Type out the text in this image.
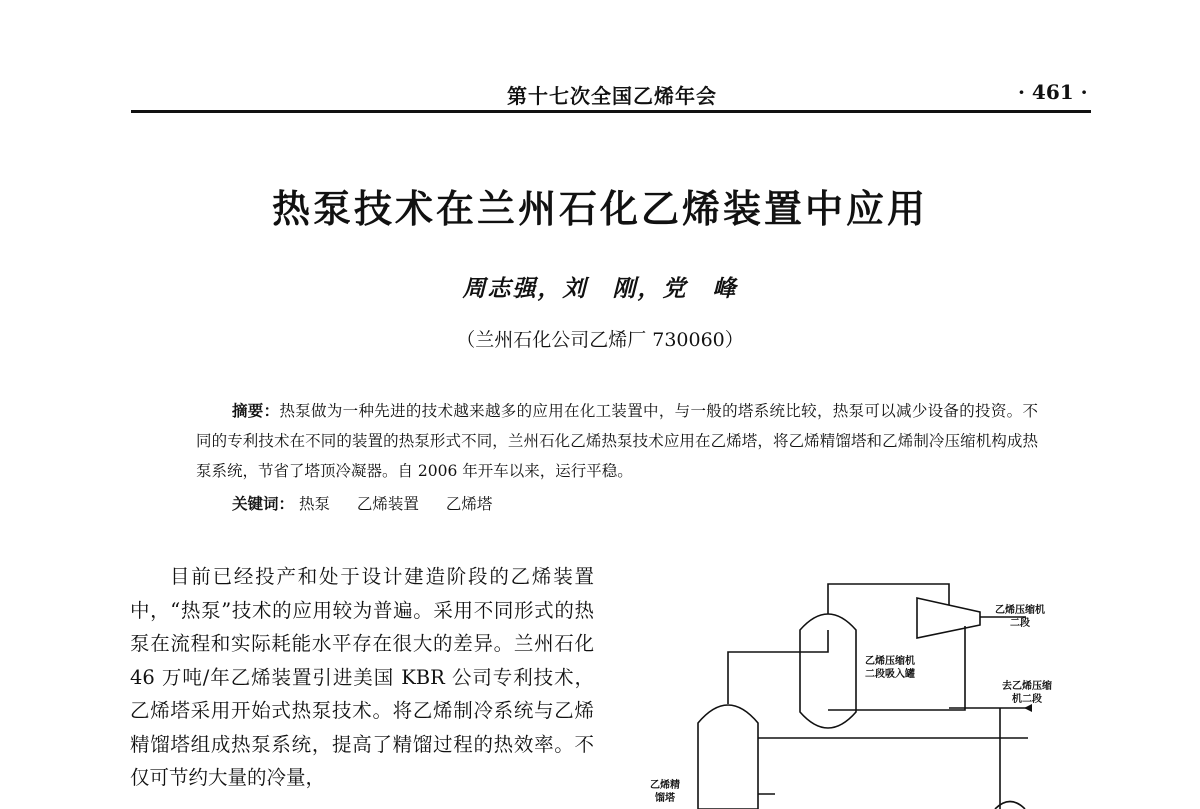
第十七次全国乙烯年会	· 461 ·
热泵技术在兰州石化乙烯装置中应用
周志强，刘　刚，党　峰
（兰州石化公司乙烯厂 730060）

摘要：热泵做为一种先进的技术越来越多的应用在化工装置中，与一般的塔系统比较，热泵可以减少设备的投资。不同的专利技术在不同的装置的热泵形式不同，兰州石化乙烯热泵技术应用在乙烯塔，将乙烯精馏塔和乙烯制冷压缩机构成热泵系统，节省了塔顶冷凝器。自 2006 年开车以来，运行平稳。

关键词： 热泵 乙烯装置 乙烯塔

目前已经投产和处于设计建造阶段的乙烯装置中，“热泵”技术的应用较为普遍。采用不同形式的热泵在流程和实际耗能水平存在很大的差异。兰州石化 46 万吨/年乙烯装置引进美国 KBR 公司专利技术，乙烯塔采用开始式热泵技术。将乙烯制冷系统与乙烯精馏塔组成热泵系统，提高了精馏过程的热效率。不仅可节约大量的冷量，

乙烯压缩机
二段
乙烯压缩机
二段吸入罐
去乙烯压缩
机二段
乙烯精
馏塔
